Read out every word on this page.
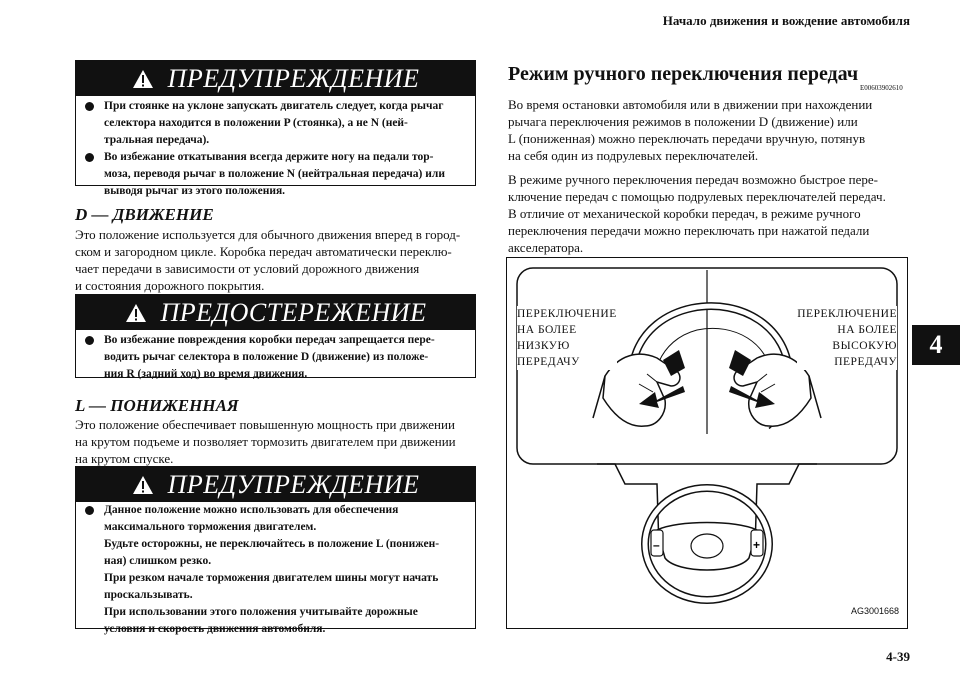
Начало движения и вождение автомобиля
4
4-39
ПРЕДУПРЕЖДЕНИЕ
При стоянке на уклоне запускать двигатель следует, когда рычаг
селектора находится в положении P (стоянка), а не N (ней-
тральная передача).
Во избежание откатывания всегда держите ногу на педали тор-
моза, переводя рычаг в положение N (нейтральная передача) или
выводя рычаг из этого положения.
D — ДВИЖЕНИЕ
Это положение используется для обычного движения вперед в город-
ском и загородном цикле. Коробка передач автоматически переклю-
чает передачи в зависимости от условий дорожного движения
и состояния дорожного покрытия.
ПРЕДОСТЕРЕЖЕНИЕ
Во избежание повреждения коробки передач запрещается пере-
водить рычаг селектора в положение D (движение) из положе-
ния R (задний ход) во время движения.
L — ПОНИЖЕННАЯ
Это положение обеспечивает повышенную мощность при движении
на крутом подъеме и позволяет тормозить двигателем при движении
на крутом спуске.
ПРЕДУПРЕЖДЕНИЕ
Данное положение можно использовать для обеспечения
максимального торможения двигателем.
Будьте осторожны, не переключайтесь в положение L (понижен-
ная) слишком резко.
При резком начале торможения двигателем шины могут начать
проскальзывать.
При использовании этого положения учитывайте дорожные
условия и скорость движения автомобиля.
Режим ручного переключения передач
E00603902610
Во время остановки автомобиля или в движении при нахождении
рычага переключения режимов в положении D (движение) или
L (пониженная) можно переключать передачи вручную, потянув
на себя один из подрулевых переключателей.
В режиме ручного переключения передач возможно быстрое пере-
ключение передач с помощью подрулевых переключателей передач.
В отличие от механической коробки передач, в режиме ручного
переключения передачи можно переключать при нажатой педали
акселератора.
–	+
ПЕРЕКЛЮЧЕНИЕ
НА БОЛЕЕ
НИЗКУЮ
ПЕРЕДАЧУ
ПЕРЕКЛЮЧЕНИЕ
НА БОЛЕЕ
ВЫСОКУЮ
ПЕРЕДАЧУ
AG3001668
